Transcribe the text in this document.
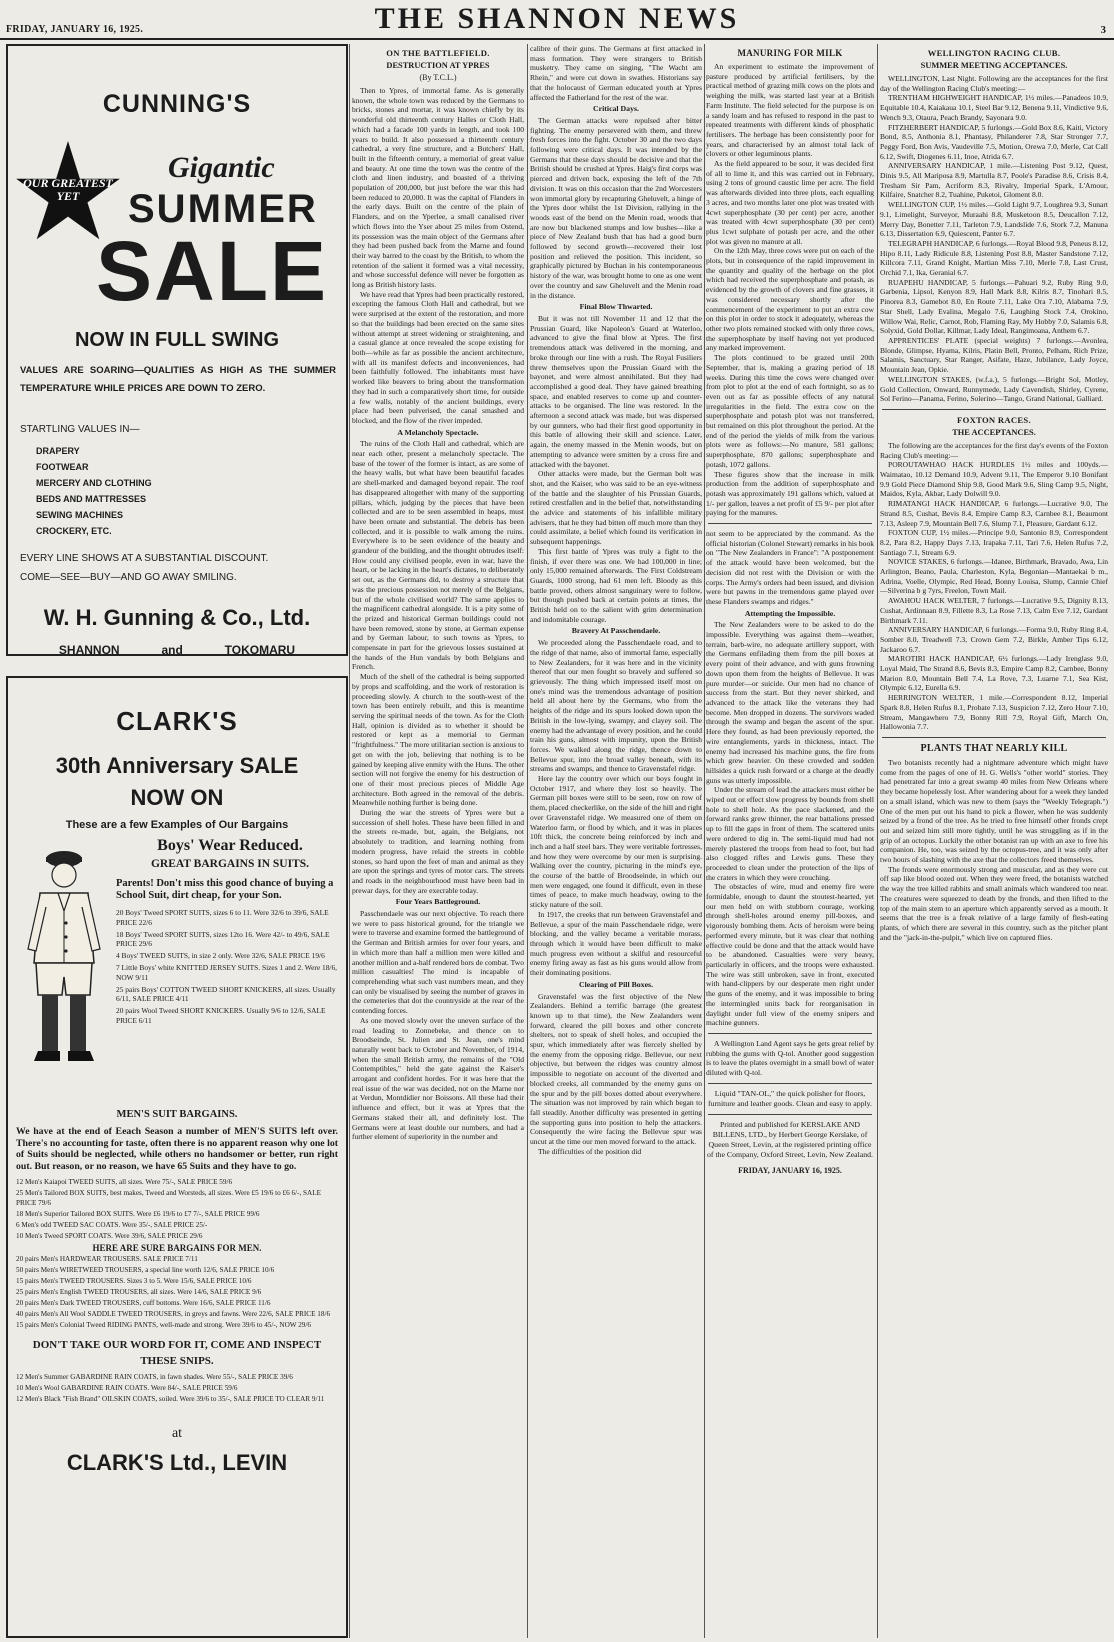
FRIDAY, JANUARY 16, 1925.	THE SHANNON NEWS	3
CUNNING'S
OUR GREATEST YET
Gigantic
SUMMER
SALE
NOW IN FULL SWING
VALUES ARE SOARING—QUALITIES AS HIGH AS THE SUMMER TEMPERATURE WHILE PRICES ARE DOWN TO ZERO.
STARTLING VALUES IN—
DRAPERY
FOOTWEAR
MERCERY AND CLOTHING
BEDS AND MATTRESSES
SEWING MACHINES
CROCKERY, ETC.
EVERY LINE SHOWS AT A SUBSTANTIAL DISCOUNT.
COME—SEE—BUY—AND GO AWAY SMILING.
W. H. Gunning & Co., Ltd.
SHANNON	and	TOKOMARU
CLARK'S
30th Anniversary SALE
NOW ON
These are a few Examples of Our Bargains
Boys' Wear Reduced.
GREAT BARGAINS IN SUITS.
Parents! Don't miss this good chance of buying a School Suit, dirt cheap, for your Son.
20 Boys' Tweed SPORT SUITS, sizes 6 to 11. Were 32/6 to 39/6, SALE PRICE 22/6
18 Boys' Tweed SPORT SUITS, sizes 12to 16. Were 42/- to 49/6, SALE PRICE 29/6
4 Boys' TWEED SUITS, in size 2 only. Were 32/6, SALE PRICE 19/6
7 Little Boys' white KNITTED JERSEY SUITS. Sizes 1 and 2. Were 18/6, NOW 9/11
25 pairs Boys' COTTON TWEED SHORT KNICKERS, all sizes. Usually 6/11, SALE PRICE 4/11
20 pairs Wool Tweed SHORT KNICKERS. Usually 9/6 to 12/6, SALE PRICE 6/11
MEN'S SUIT BARGAINS.
We have at the end of Eeach Season a number of MEN'S SUITS left over. There's no accounting for taste, often there is no apparent reason why one lot of Suits should be neglected, while others no handsomer or better, run right out. But reason, or no reason, we have 65 Suits and they have to go.
12 Men's Kaiapoi TWEED SUITS, all sizes. Were 75/-, SALE PRICE 59/6
25 Men's Tailored BOX SUITS, best makes, Tweed and Worsteds, all sizes. Were £5 19/6 to £6 6/-, SALE PRICE 79/6
18 Men's Superior Tailored BOX SUITS. Were £6 19/6 to £7 7/-, SALE PRICE 99/6
6 Men's odd TWEED SAC COATS. Were 35/-, SALE PRICE 25/-
10 Men's Tweed SPORT COATS. Were 39/6, SALE PRICE 29/6
HERE ARE SURE BARGAINS FOR MEN.
20 pairs Men's HARDWEAR TROUSERS. SALE PRICE 7/11
50 pairs Men's WIRETWEED TROUSERS, a special line worth 12/6, SALE PRICE 10/6
15 pairs Men's TWEED TROUSERS. Sizes 3 to 5. Were 15/6, SALE PRICE 10/6
25 pairs Men's English TWEED TROUSERS, all sizes. Were 14/6, SALE PRICE 9/6
20 pairs Men's Dark TWEED TROUSERS, cuff bottoms. Were 16/6, SALE PRICE 11/6
40 pairs Men's All Wool SADDLE TWEED TROUSERS, in greys and fawns. Were 22/6, SALE PRICE 18/6
15 pairs Men's Colonial Tweed RIDING PANTS, well-made and strong. Were 39/6 to 45/-, NOW 29/6
DON'T TAKE OUR WORD FOR IT, COME AND INSPECT
THESE SNIPS.
12 Men's Summer GABARDINE RAIN COATS, in fawn shades. Were 55/-, SALE PRICE 39/6
10 Men's Wool GABARDINE RAIN COATS. Were 84/-, SALE PRICE 59/6
12 Men's Black "Fish Brand" OILSKIN COATS, soiled. Were 39/6 to 35/-, SALE PRICE TO CLEAR 9/11
at
CLARK'S Ltd., LEVIN
ON THE BATTLEFIELD.
DESTRUCTION AT YPRES
(By T.C.L.)

Then to Ypres, of immortal fame. As is generally known, the whole town was reduced by the Germans to bricks, stones and mortar, it was known chiefly by its wonderful old thirteenth century Halles or Cloth Hall, which had a facade 100 yards in length, and took 100 years to build. It also possessed a thirteenth century cathedral, a very fine structure, and a Butchers' Hall, built in the fifteenth century, a memorial of great value and beauty. At one time the town was the centre of the cloth and linen industry, and boasted of a thriving population of 200,000, but just before the war this had been reduced to 20,000. It was the capital of Flanders in the early days. Built on the centre of the plain of Flanders, and on the Yperlee, a small canalised river which flows into the Yser about 25 miles from Ostend, its possession was the main object of the Germans after they had been pushed back from the Marne and found their way barred to the coast by the British, to whom the retention of the salient it formed was a vital necessity, and whose successful defence will never be forgotten as long as British history lasts.

We have read that Ypres had been practically restored, excepting the famous Cloth Hall and cathedral, but we were surprised at the extent of the restoration, and more so that the buildings had been erected on the same sites without attempt at street widening or straightening, and a casual glance at once revealed the scope existing for both—while as far as possible the ancient architecture, with all its manifest defects and inconveniences, had been faithfully followed. The inhabitants must have worked like beavers to bring about the transformation they had in such a comparatively short time, for outside a few walls, notably of the ancient buildings, every place had been pulverised, the canal smashed and blocked, and the flow of the river impeded.

A Melancholy Spectacle.

The ruins of the Cloth Hall and cathedral, which are near each other, present a melancholy spectacle. The base of the tower of the former is intact, as are some of the heavy walls, but what have been beautiful facades are shell-marked and damaged beyond repair. The roof has disappeared altogether with many of the supporting pillars, which, judging by the pieces that have been collected and are to be seen assembled in heaps, must have been ornate and substantial. The debris has been collected, and it is possible to walk among the ruins. Everywhere is to be seen evidence of the beauty and grandeur of the building, and the thought obtrudes itself: How could any civilised people, even in war, have the heart, or be lacking in the heart's dictates, to deliberately set out, as the Germans did, to destroy a structure that was the precious possession not merely of the Belgians, but of the whole civilised world? The same applies to the magnificent cathedral alongside. It is a pity some of the prized and historical German buildings could not have been removed, stone by stone, at German expense and by German labour, to such towns as Ypres, to compensate in part for the grievous losses sustained at the hands of the Hun vandals by both Belgians and French.

Much of the shell of the cathedral is being supported by props and scaffolding, and the work of restoration is proceeding slowly. A church to the south-west of the town has been entirely rebuilt, and this is meantime serving the spiritual needs of the town. As for the Cloth Hall, opinion is divided as to whether it should be restored or kept as a memorial to German "frightfulness." The more utilitarian section is anxious to get on with the job, believing that nothing is to be gained by keeping alive enmity with the Huns. The other section will not forgive the enemy for his destruction of one of their most precious pieces of Middle Age architecture. Both agreed in the removal of the debris. Meanwhile nothing further is being done.

During the war the streets of Ypres were but a succession of shell holes. These have been filled in and the streets re-made, but, again, the Belgians, not absolutely to tradition, and learning nothing from modern progress, have relaid the streets in cobble stones, so hard upon the feet of man and animal as they are upon the springs and tyres of motor cars. The streets and roads in the neighbourhood must have been bad in prewar days, for they are execrable today.

Four Years Battleground.

Passchendaele was our next objective. To reach there we were to pass historical ground, for the triangle we were to traverse and examine formed the battleground of the German and British armies for over four years, and in which more than half a million men were killed and another million and a-half rendered hors de combat. Two million casualties! The mind is incapable of comprehending what such vast numbers mean, and they can only be visualised by seeing the number of graves in the cemeteries that dot the countryside at the rear of the contending forces.

As one moved slowly over the uneven surface of the road leading to Zonnebeke, and thence on to Broodseinde, St. Julien and St. Jean, one's mind naturally went back to October and November, of 1914, when the small British army, the remains of the "Old Contemptibles," held the gate against the Kaiser's arrogant and confident hordes. For it was here that the real issue of the war was decided, not on the Marne nor at Verdun, Montdidier nor Boissons. All these had their influence and effect, but it was at Ypres that the Germans staked their all, and definitely lost. The Germans were at least double our numbers, and had a further element of superiority in the number and

calibre of their guns. The Germans at first attacked in mass formation. They were strangers to British musketry. They came on singing, "The Wacht am Rhein," and were cut down in swathes. Historians say that the holocaust of German educated youth at Ypres affected the Fatherland for the rest of the war.

Critical Days.

The German attacks were repulsed after bitter fighting. The enemy persevered with them, and threw fresh forces into the fight. October 30 and the two days following were critical days. It was intended by the Germans that these days should be decisive and that the British should be crushed at Ypres. Haig's first corps was pierced and driven back, exposing the left of the 7th division. It was on this occasion that the 2nd Worcesters won immortal glory by recapturing Gheluvelt, a hinge of the Ypres door whilst the 1st Division, rallying in the woods east of the bend on the Menin road, woods that are now but blackened stumps and low bushes—like a piece of New Zealand bush that has had a good burn followed by second growth—recovered their lost position and relieved the position. This incident, so graphically pictured by Buchan in his contemporaneous history of the war, was brought home to one as one went over the country and saw Gheluvelt and the Menin road in the distance.

Final Blow Thwarted.

But it was not till November 11 and 12 that the Prussian Guard, like Napoleon's Guard at Waterloo, advanced to give the final blow at Ypres. The first tremendous attack was delivered in the morning, and broke through our line with a rush. The Royal Fusiliers threw themselves upon the Prussian Guard with the bayonet, and were almost annihilated. But they had accomplished a good deal. They have gained breathing space, and enabled reserves to come up and counter-attacks to be organised. The line was restored. In the afternoon a second attack was made, but was dispersed by our gunners, who had their first good opportunity in this battle of allowing their skill and science. Later, again, the enemy massed in the Menin woods, but on attempting to advance were smitten by a cross fire and attacked with the bayonet.

Other attacks were made, but the German bolt was shot, and the Kaiser, who was said to be an eye-witness of the battle and the slaughter of his Prussian Guards, retired crestfallen and in the belief that, notwithstanding the advice and statements of his infallible military advisers, that he they had bitten off much more than they could assimilate, a belief which found its verification in subsequent happenings.

This first battle of Ypres was truly a fight to the finish, if ever there was one. We had 100,000 in line; only 15,000 remained afterwards. The First Coldstream Guards, 1000 strong, had 61 men left. Bloody as this battle proved, others almost sanguinary were to follow, but though pushed back at certain points at times, the British held on to the salient with grim determination and indomitable courage.

Bravery At Passchendaele.

We proceeded along the Passchendaele road, and to the ridge of that name, also of immortal fame, especially to New Zealanders, for it was here and in the vicinity thereof that our men fought so bravely and suffered so grievously. The thing which impressed itself most on one's mind was the tremendous advantage of position held all about here by the Germans, who from the heights of the ridge and its spurs looked down upon the British in the low-lying, swampy, and clayey soil. The enemy had the advantage of every position, and he could train his guns, almost with impunity, upon the British forces. We walked along the ridge, thence down to Bellevue spur, into the broad valley beneath, with its streams and swamps, and thence to Gravenstafel ridge.

Here lay the country over which our boys fought in October 1917, and where they lost so heavily. The German pill boxes were still to be seen, row on row of them, placed checkerlike, on the side of the hill and right over Gravenstafel ridge. We measured one of them on Waterloo farm, or flood by which, and it was in places 10ft thick, the concrete being reinforced by inch and inch and a half steel bars. They were veritable fortresses, and how they were overcome by our men is surprising. Walking over the country, picturing in the mind's eye, the course of the battle of Broodseinde, in which our men were engaged, one found it difficult, even in these times of peace, to make much headway, owing to the sticky nature of the soil.

In 1917, the creeks that run between Gravenstafel and Bellevue, a spur of the main Passchendaele ridge, were blocking, and the valley became a veritable morass, through which it would have been difficult to make much progress even without a skilful and resourceful enemy firing away as fast as his guns would allow from their dominating positions.

Clearing of Pill Boxes.

Gravenstafel was the first objective of the New Zealanders. Behind a terrific barrage (the greatest known up to that time), the New Zealanders went forward, cleared the pill boxes and other concrete shelters, not to speak of shell holes, and occupied the spur, which immediately after was fiercely shelled by the enemy from the opposing ridge. Bellevue, our next objective, but between the ridges was country almost impossible to negotiate on account of the diverted and blocked creeks, all commanded by the enemy guns on the spur and by the pill boxes dotted about everywhere. The situation was not improved by rain which began to fall steadily. Another difficulty was presented in getting the supporting guns into position to help the attackers. Consequently the wire facing the Bellevue spur was uncut at the time our men moved forward to the attack.

The difficulties of the position did

MANURING FOR MILK

An experiment to estimate the improvement of pasture produced by artificial fertilisers, by the practical method of grazing milk cows on the plots and weighing the milk, was started last year at a British Farm Institute. The field selected for the purpose is on a sandy loam and has refused to respond in the past to repeated treatments with different kinds of phosphatic fertilisers. The herbage has been consistently poor for years, and characterised by an almost total lack of clovers or other leguminous plants.

As the field appeared to be sour, it was decided first of all to lime it, and this was carried out in February, using 2 tons of ground caustic lime per acre. The field was afterwards divided into three plots, each equalling 3 acres, and two months later one plot was treated with 4cwt superphosphate (30 per cent) per acre, another was treated with 4cwt superphosphate (30 per cent) plus 1cwt sulphate of potash per acre, and the other plot was given no manure at all.

On the 12th May, three cows were put on each of the plots, but in consequence of the rapid improvement in the quantity and quality of the herbage on the plot which had received the superphosphate and potash, as evidenced by the growth of clovers and fine grasses, it was considered necessary shortly after the commencement of the experiment to put an extra cow on this plot in order to stock it adequately, whereas the other two plots remained stocked with only three cows, the superphosphate by itself having not yet produced any marked improvement.

The plots continued to be grazed until 20th September, that is, making a grazing period of 18 weeks. During this time the cows were changed over from plot to plot at the end of each fortnight, so as to even out as far as possible effects of any natural irregularities in the field. The extra cow on the superphosphate and potash plot was not transferred, but remained on this plot throughout the period. At the end of the period the yields of milk from the various plots were as follows:—No manure, 581 gallons; superphosphate, 870 gallons; superphosphate and potash, 1072 gallons.

These figures show that the increase in milk production from the addition of superphosphate and potash was approximately 191 gallons which, valued at 1/- per gallon, leaves a net profit of £5 9/- per plot after paying for the manures.

not seem to be appreciated by the command. As the official historian (Colonel Stewart) remarks in his book on "The New Zealanders in France": "A postponement of the attack would have been welcomed, but the decision did not rest with the Division or with the corps. The Army's orders had been issued, and division were but pawns in the tremendous game played over these Flanders swamps and ridges."

Attempting the Impossible.

The New Zealanders were to be asked to do the impossible. Everything was against them—weather, terrain, barb-wire, no adequate artillery support, with the Germans enfilading them from the pill boxes at every point of their advance, and with guns frowning down upon them from the heights of Bellevue. It was pure murder—or suicide. Our men had no chance of success from the start. But they never shirked, and advanced to the attack like the veterans they had become. Men dropped in dozens. The survivors waded through the swamp and began the ascent of the spur. Here they found, as had been previously reported, the wire entanglements, yards in thickness, intact. The enemy had increased his machine guns, the fire from which grew heavier. On these crowded and sodden hillsides a quick rush forward or a charge at the deadly guns was utterly impossible.

Under the stream of lead the attackers must either be wiped out or effect slow progress by bounds from shell hole to shell hole. As the pace slackened, and the forward ranks grew thinner, the rear battalions pressed up to fill the gaps in front of them. The scattered units were ordered to dig in. The semi-liquid mud had not merely plastered the troops from head to foot, but had also clogged rifles and Lewis guns. These they proceeded to clean under the protection of the lips of the craters in which they were crouching.

The obstacles of wire, mud and enemy fire were formidable, enough to daunt the stoutest-hearted, yet our men held on with stubborn courage, working through shell-holes around enemy pill-boxes, and vigorously bombing them. Acts of heroism were being performed every minute, but it was clear that nothing effective could be done and that the attack would have to be abandoned. Casualties were very heavy, particularly in officers, and the troops were exhausted. The wire was still unbroken, save in front, executed with hand-clippers by our desperate men right under the guns of the enemy, and it was impossible to bring the intermingled units back for reorganisation in daylight under full view of the enemy snipers and machine gunners.

A Wellington Land Agent says he gets great relief by rubbing the gums with Q-tol. Another good suggestion is to leave the plates overnight in a small bowl of water diluted with Q-tol.

Liquid "TAN-OL," the quick polisher for floors, furniture and leather goods. Clean and easy to apply.
Printed and published for KERSLAKE AND BILLENS, LTD., by Herbert George Kerslake, of Queen Street, Levin, at the registered printing office of the Company, Oxford Street, Levin, New Zealand.
FRIDAY, JANUARY 16, 1925.
WELLINGTON RACING CLUB.
SUMMER MEETING ACCEPTANCES.

WELLINGTON, Last Night. Following are the acceptances for the first day of the Wellington Racing Club's meeting:—

TRENTHAM HIGHWEIGHT HANDICAP, 1½ miles.—Panadeos 10.9, Equitable 10.4, Kaiakaua 10.1, Steel Bar 9.12, Benena 9.11, Vindictive 9.6, Wench 9.3, Otaura, Peach Brandy, Sayonara 9.0.

FITZHERBERT HANDICAP, 5 furlongs.—Gold Box 8.6, Kaiti, Victory Bond, 8.5, Anthonia 8.1, Phantasy, Philanderer 7.8, Star Stronger 7.7, Peggy Ford, Bon Avis, Vaudeville 7.5, Motion, Orewa 7.0, Merle, Cat Call 6.12, Swift, Diogenes 6.11, Inoe, Atrida 6.7.

ANNIVERSARY HANDICAP, 1 mile.—Listening Post 9.12, Quest, Dinis 9.5, All Mariposa 8.9, Martulla 8.7, Poole's Paradise 8.6, Crisis 8.4, Tresham Sir Pam, Acriform 8.3, Rivalry, Imperial Spark, L'Amour, Kilfaire, Snatcher 8.2, Tuahine, Puketoi, Gloment 8.0.

WELLINGTON CUP, 1½ miles.—Gold Light 9.7, Loughrea 9.3, Sunart 9.1, Limelight, Surveyor, Muraahi 8.8, Musketoon 8.5, Deucallon 7.12, Merry Day, Bonetter 7.11, Tarleton 7.9, Landslide 7.6, Stork 7.2, Manuna 6.13, Dissertation 6.9, Quiescent, Panter 6.7.

TELEGRAPH HANDICAP, 6 furlongs.—Royal Blood 9.8, Peneus 8.12, Hipo 8.11, Lady Ridicule 8.8, Listening Post 8.8, Master Sandstone 7.12, Killcora 7.11, Grand Knight, Martian Miss 7.10, Merle 7.8, Last Crust, Orchid 7.1, Ika, Geranial 6.7.

RUAPEHU HANDICAP, 5 furlongs.—Pahuari 9.2, Ruby Ring 9.0, Garbenia, Lipsol, Kenyon 8.9, Hall Mark 8.8, Kilris 8.7, Tinohari 8.5, Pinorea 8.3, Gamebot 8.0, En Route 7.11, Lake Ora 7.10, Alabama 7.9, Star Shell, Lady Evalina, Megalo 7.6, Laughing Stock 7.4, Orokino, Willow Wai, Relic, Carnot, Rob, Flaming Ray, My Hobby 7.0, Salamis 6.8, Solyxid, Gold Dollar, Killmar, Lady Ideal, Rangimoana, Anthem 6.7.

APPRENTICES' PLATE (special weights) 7 furlongs.—Avonlea, Blonde, Glimpse, Hyama, Kilris, Platin Bell, Pronto, Pelham, Rich Prize, Salamis, Sanctuary, Star Ranger, Asifate, Haze, Jubilance, Lady Joyce, Mountain Jean, Opkie.

WELLINGTON STAKES, (w.f.a.), 5 furlongs.—Bright Sol, Motley, Gold Collection, Onward, Runnymede, Lady Cavendish, Shirley, Cyrene, Sol Ferino—Panama, Ferino, Solerino—Tango, Grand National, Galliard.

FOXTON RACES.
THE ACCEPTANCES.

The following are the acceptances for the first day's events of the Foxton Racing Club's meeting:—

POROUTAWHAO HACK HURDLES 1½ miles and 100yds.—Waimatao, 10.12 Demand 10.9, Advent 9.11, The Emperor 9.10 Bonifant 9.9 Gold Piece Diamond Ship 9.8, Good Mark 9.6, Sling Camp 9.5, Night, Maidos, Kyla, Akbar, Lady Dolwill 9.0.

RIMATANGI HACK HANDICAP, 6 furlongs.—Lucrative 9.0, The Strand 8.5, Cushat, Bevis 8.4, Empire Camp 8.3, Carnbee 8.1, Beaumont 7.13, Asleep 7.9, Mountain Bell 7.6, Slump 7.1, Pleasure, Gardant 6.12.

FOXTON CUP, 1½ miles.—Principe 9.0, Santonio 8.9, Correspondent 8.2, Para 8.2, Happy Days 7.13, Irapaka 7.11, Tari 7.6, Helen Rufus 7.2, Santiago 7.1, Stream 6.9.

NOVICE STAKES, 6 furlongs.—Idanee, Birthmark, Bravado, Awa, Lin Arlington, Beano, Paula, Charleston, Kyla, Begonian—Mantaekai b m., Adrina, Voelle, Olympic, Red Head, Bonny Louisa, Slump, Cannie Chief—Silverina b g 7yrs, Freelon, Town Mail.

AWAHOU HACK WELTER, 7 furlongs.—Lucrative 9.5, Dignity 8.13, Cushat, Ardinnaan 8.9, Fillette 8.3, La Rose 7.13, Calm Eve 7.12, Gardant Birthmark 7.11.

ANNIVERSARY HANDICAP, 6 furlongs.—Forma 9.0, Ruby Ring 8.4, Somber 8.0, Treadwell 7.3, Crown Gem 7.2, Birkle, Amber Tips 6.12, Jackaroo 6.7.

MAROTIRI HACK HANDICAP, 6½ furlongs.—Lady Irenglass 9.0, Loyal Maid, The Strand 8.6, Bevis 8.3, Empire Camp 8.2, Carnbee, Bonny Marion 8.0, Mountain Bell 7.4, La Rove, 7.3, Luarne 7.1, Sea Kist, Olympic 6.12, Eurella 6.9.

HERRINGTON WELTER, 1 mile.—Correspondent 8.12, Imperial Spark 8.8, Helen Rufus 8.1, Probate 7.13, Suspicion 7.12, Zero Hour 7.10, Stream, Mangawhero 7.9, Bonny Rill 7.9, Royal Gift, March On, Hallowonia 7.7.

PLANTS THAT NEARLY KILL

Two botanists recently had a nightmare adventure which might have come from the pages of one of H. G. Wells's "other world" stories. They had penetrated far into a great swamp 40 miles from New Orleans where they became hopelessly lost. After wandering about for a week they landed on a small island, which was new to them (says the "Weekly Telegraph.") One of the men put out his hand to pick a flower, when he was suddenly seized by a frond of the tree. As he tried to free himself other fronds crept out and seized him still more tightly, until he was struggling as if in the grip of an octopus. Luckily the other botanist ran up with an axe to free his companion. He, too, was seized by the octopus-tree, and it was only after two hours of slashing with the axe that the collectors freed themselves.

The fronds were enormously strong and muscular, and as they were cut off sap like blood oozed out. When they were freed, the botanists watched the way the tree killed rabbits and small animals which wandered too near. The creatures were squeezed to death by the fronds, and then lifted to the top of the main stem to an aperture which apparently served as a mouth. It seems that the tree is a freak relative of a large family of flesh-eating plants, of which there are several in this country, such as the pitcher plant and the "jack-in-the-pulpit," which live on captured flies.
